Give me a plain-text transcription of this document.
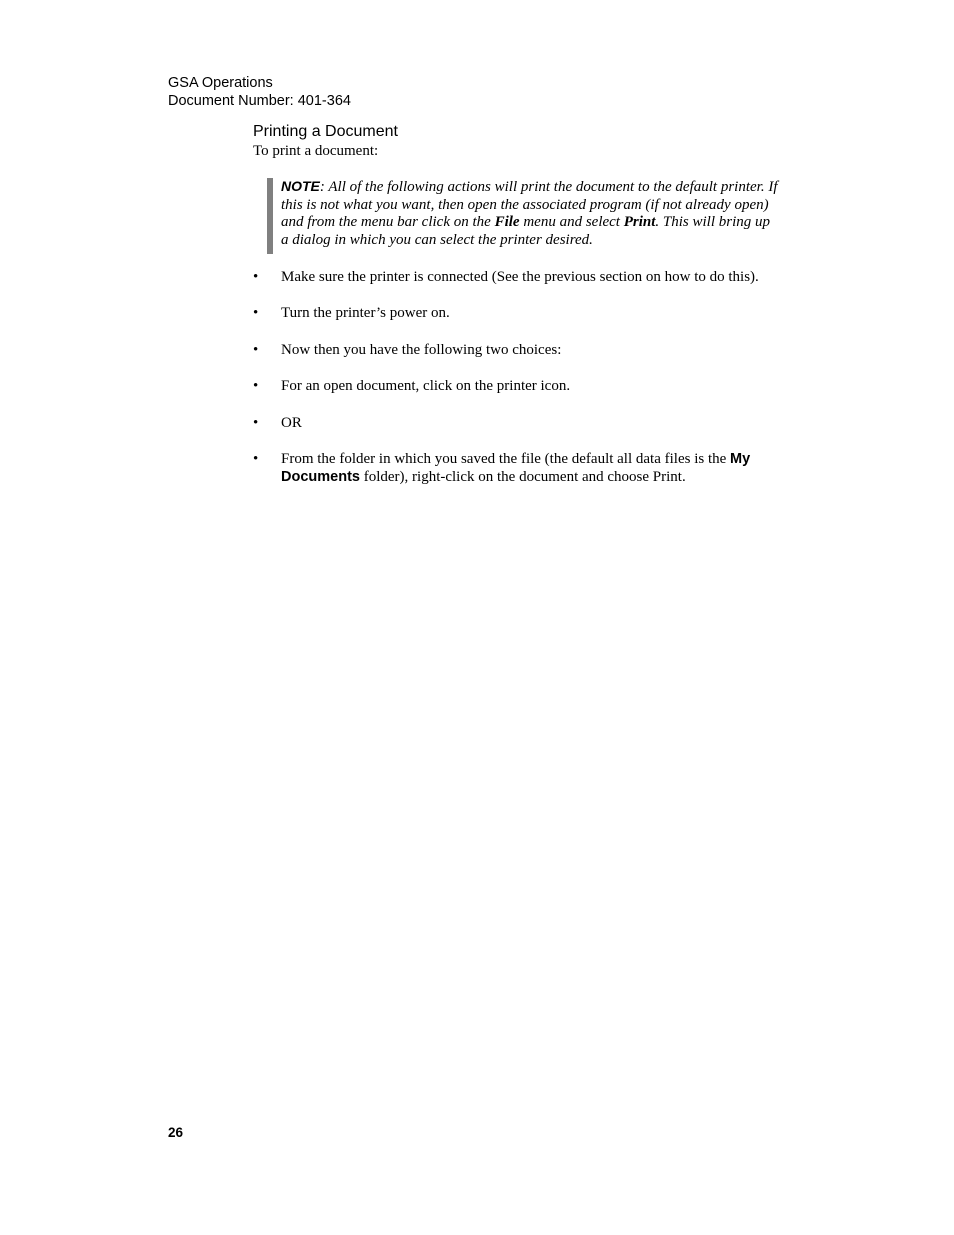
GSA Operations
Document Number: 401-364
Printing a Document
To print a document:
NOTE: All of the following actions will print the document to the default printer. If this is not what you want, then open the associated program (if not already open) and from the menu bar click on the File menu and select Print. This will bring up a dialog in which you can select the printer desired.
• Make sure the printer is connected (See the previous section on how to do this).
• Turn the printer’s power on.
• Now then you have the following two choices:
• For an open document, click on the printer icon.
• OR
• From the folder in which you saved the file (the default all data files is the My Documents folder), right-click on the document and choose Print.
26
